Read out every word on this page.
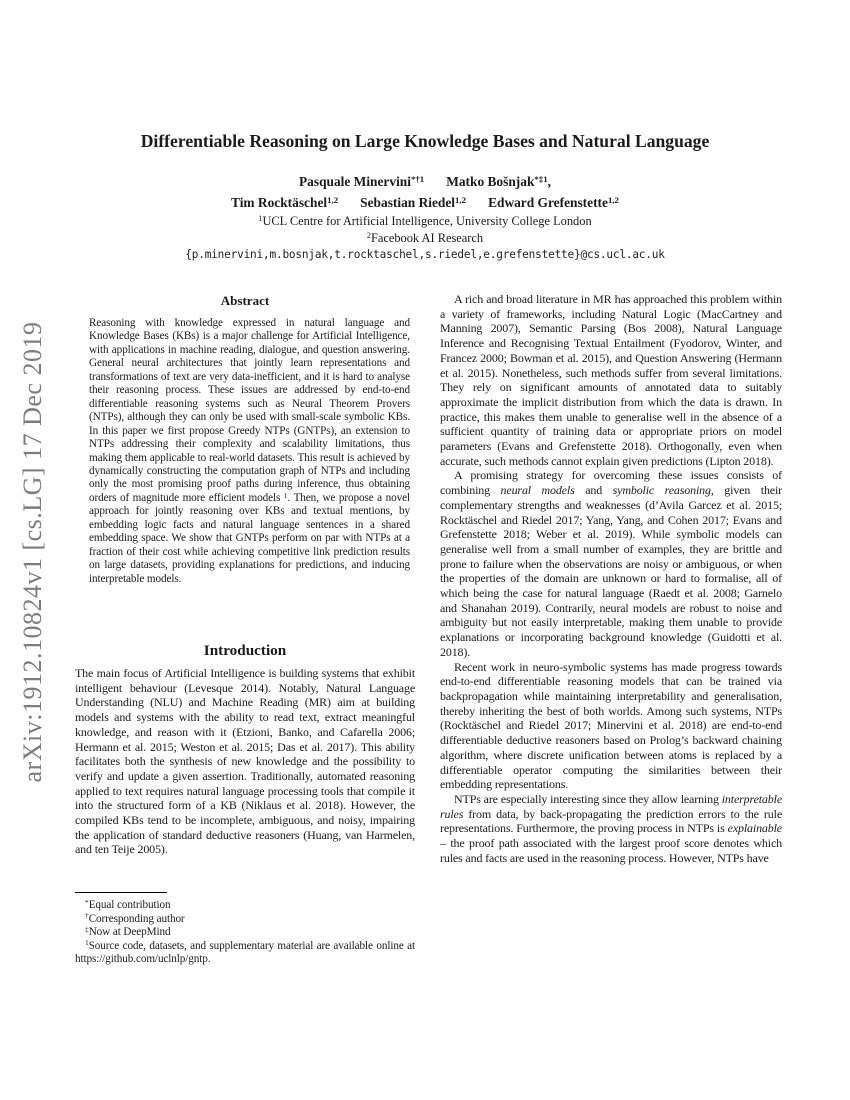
arXiv:1912.10824v1 [cs.LG] 17 Dec 2019
Differentiable Reasoning on Large Knowledge Bases and Natural Language
Pasquale Minervini$^{*\dagger 1}$ Matko Bošnjak$^{*\ddagger 1}$,
Tim Rocktäschel$^{1,2}$ Sebastian Riedel$^{1,2}$ Edward Grefenstette$^{1,2}$
$^1$UCL Centre for Artificial Intelligence, University College London
$^2$Facebook AI Research
{p.minervini,m.bosnjak,t.rocktaschel,s.riedel,e.grefenstette}@cs.ucl.ac.uk
Abstract

Reasoning with knowledge expressed in natural language and Knowledge Bases (KBs) is a major challenge for Artificial Intelligence, with applications in machine reading, dialogue, and question answering. General neural architectures that jointly learn representations and transformations of text are very data-inefficient, and it is hard to analyse their reasoning process. These issues are addressed by end-to-end differentiable reasoning systems such as Neural Theorem Provers (NTPs), although they can only be used with small-scale symbolic KBs. In this paper we first propose Greedy NTPs (GNTPs), an extension to NTPs addressing their complexity and scalability limitations, thus making them applicable to real-world datasets. This result is achieved by dynamically constructing the computation graph of NTPs and including only the most promising proof paths during inference, thus obtaining orders of magnitude more efficient models $^1$. Then, we propose a novel approach for jointly reasoning over KBs and textual mentions, by embedding logic facts and natural language sentences in a shared embedding space. We show that GNTPs perform on par with NTPs at a fraction of their cost while achieving competitive link prediction results on large datasets, providing explanations for predictions, and inducing interpretable models.

Introduction

The main focus of Artificial Intelligence is building systems that exhibit intelligent behaviour (Levesque 2014). Notably, Natural Language Understanding (NLU) and Machine Reading (MR) aim at building models and systems with the ability to read text, extract meaningful knowledge, and reason with it (Etzioni, Banko, and Cafarella 2006; Hermann et al. 2015; Weston et al. 2015; Das et al. 2017). This ability facilitates both the synthesis of new knowledge and the possibility to verify and update a given assertion. Traditionally, automated reasoning applied to text requires natural language processing tools that compile it into the structured form of a KB (Niklaus et al. 2018). However, the compiled KBs tend to be incomplete, ambiguous, and noisy, impairing the application of standard deductive reasoners (Huang, van Harmelen, and ten Teije 2005).

*Equal contribution

†Corresponding author

‡Now at DeepMind

$^1$Source code, datasets, and supplementary material are available online at https://github.com/uclnlp/gntp.

A rich and broad literature in MR has approached this problem within a variety of frameworks, including Natural Logic (MacCartney and Manning 2007), Semantic Parsing (Bos 2008), Natural Language Inference and Recognising Textual Entailment (Fyodorov, Winter, and Francez 2000; Bowman et al. 2015), and Question Answering (Hermann et al. 2015). Nonetheless, such methods suffer from several limitations. They rely on significant amounts of annotated data to suitably approximate the implicit distribution from which the data is drawn. In practice, this makes them unable to generalise well in the absence of a sufficient quantity of training data or appropriate priors on model parameters (Evans and Grefenstette 2018). Orthogonally, even when accurate, such methods cannot explain given predictions (Lipton 2018).

A promising strategy for overcoming these issues consists of combining neural models and symbolic reasoning, given their complementary strengths and weaknesses (d’Avila Garcez et al. 2015; Rocktäschel and Riedel 2017; Yang, Yang, and Cohen 2017; Evans and Grefenstette 2018; Weber et al. 2019). While symbolic models can generalise well from a small number of examples, they are brittle and prone to failure when the observations are noisy or ambiguous, or when the properties of the domain are unknown or hard to formalise, all of which being the case for natural language (Raedt et al. 2008; Garnelo and Shanahan 2019). Contrarily, neural models are robust to noise and ambiguity but not easily interpretable, making them unable to provide explanations or incorporating background knowledge (Guidotti et al. 2018).

Recent work in neuro-symbolic systems has made progress towards end-to-end differentiable reasoning models that can be trained via backpropagation while maintaining interpretability and generalisation, thereby inheriting the best of both worlds. Among such systems, NTPs (Rocktäschel and Riedel 2017; Minervini et al. 2018) are end-to-end differentiable deductive reasoners based on Prolog’s backward chaining algorithm, where discrete unification between atoms is replaced by a differentiable operator computing the similarities between their embedding representations.

NTPs are especially interesting since they allow learning interpretable rules from data, by back-propagating the prediction errors to the rule representations. Furthermore, the proving process in NTPs is explainable – the proof path associated with the largest proof score denotes which rules and facts are used in the reasoning process. However, NTPs have
